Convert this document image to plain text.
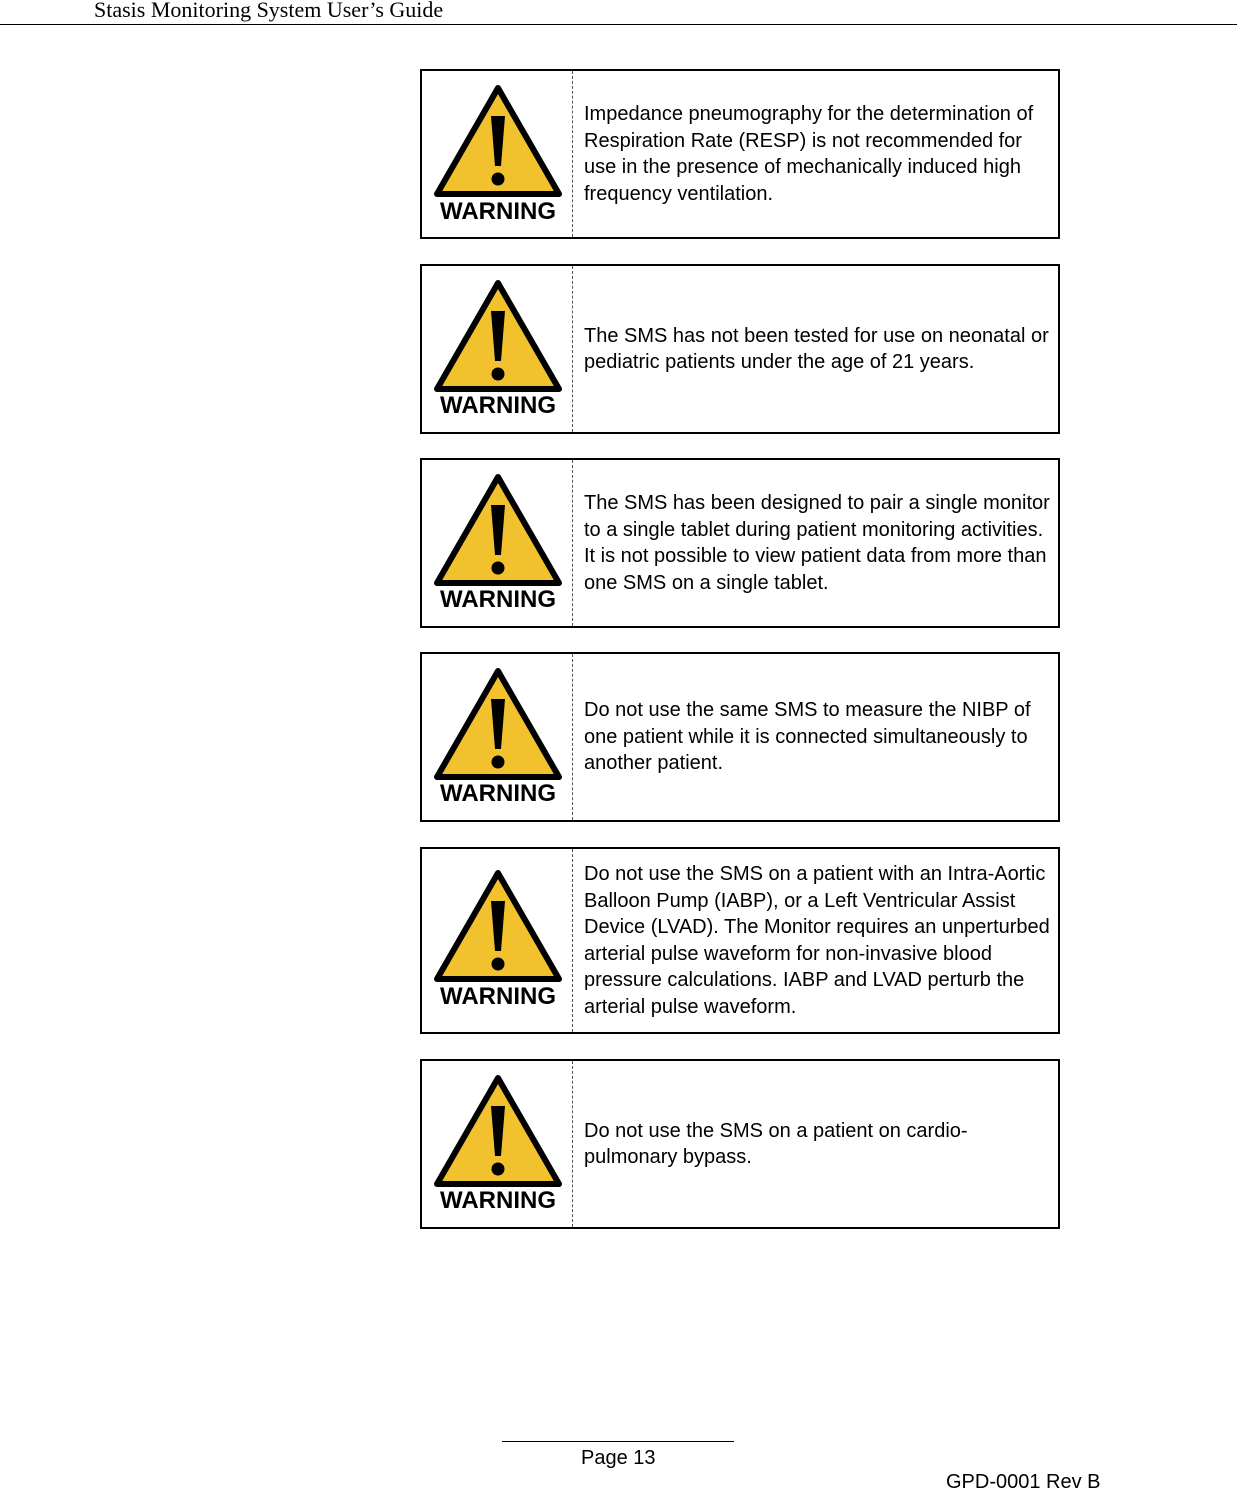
Stasis Monitoring System User’s Guide
WARNING

Impedance pneumography for the determination of Respiration Rate (RESP) is not recommended for use in the presence of mechanically induced high frequency ventilation.

WARNING

The SMS has not been tested for use on neonatal or pediatric patients under the age of 21 years.

WARNING

The SMS has been designed to pair a single monitor to a single tablet during patient monitoring activities. It is not possible to view patient data from more than one SMS on a single tablet.

WARNING

Do not use the same SMS to measure the NIBP of one patient while it is connected simultaneously to another patient.

WARNING

Do not use the SMS on a patient with an Intra-Aortic Balloon Pump (IABP), or a Left Ventricular Assist Device (LVAD). The Monitor requires an unperturbed arterial pulse waveform for non-invasive blood pressure calculations. IABP and LVAD perturb the arterial pulse waveform.

WARNING

Do not use the SMS on a patient on cardio-pulmonary bypass.

Page 13
GPD-0001 Rev B
